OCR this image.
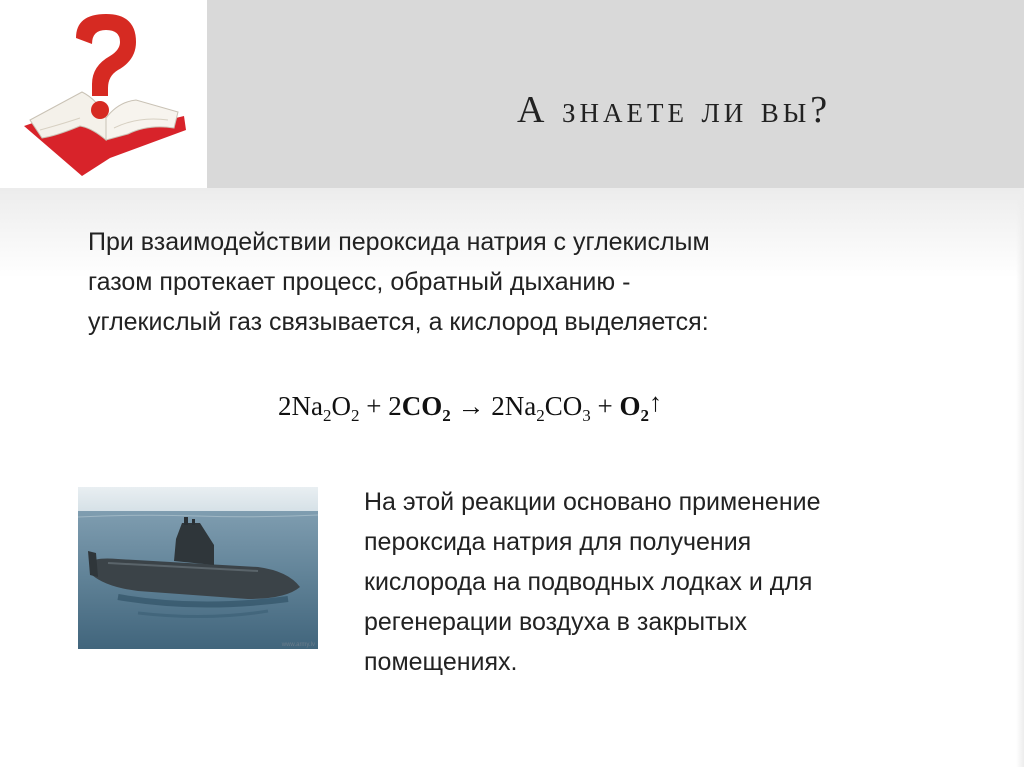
А знаете ли вы?

При взаимодействии пероксида натрия с углекислым
газом протекает процесс, обратный дыханию -
углекислый газ связывается, а кислород выделяется:

$2Na_2O_2 + 2CO_2 \to 2Na_2CO_3$ + $O_2↑$
www.army.lv

На этой реакции основано применение
пероксида натрия для получения
кислорода на подводных лодках и для
регенерации воздуха в закрытых
помещениях.
